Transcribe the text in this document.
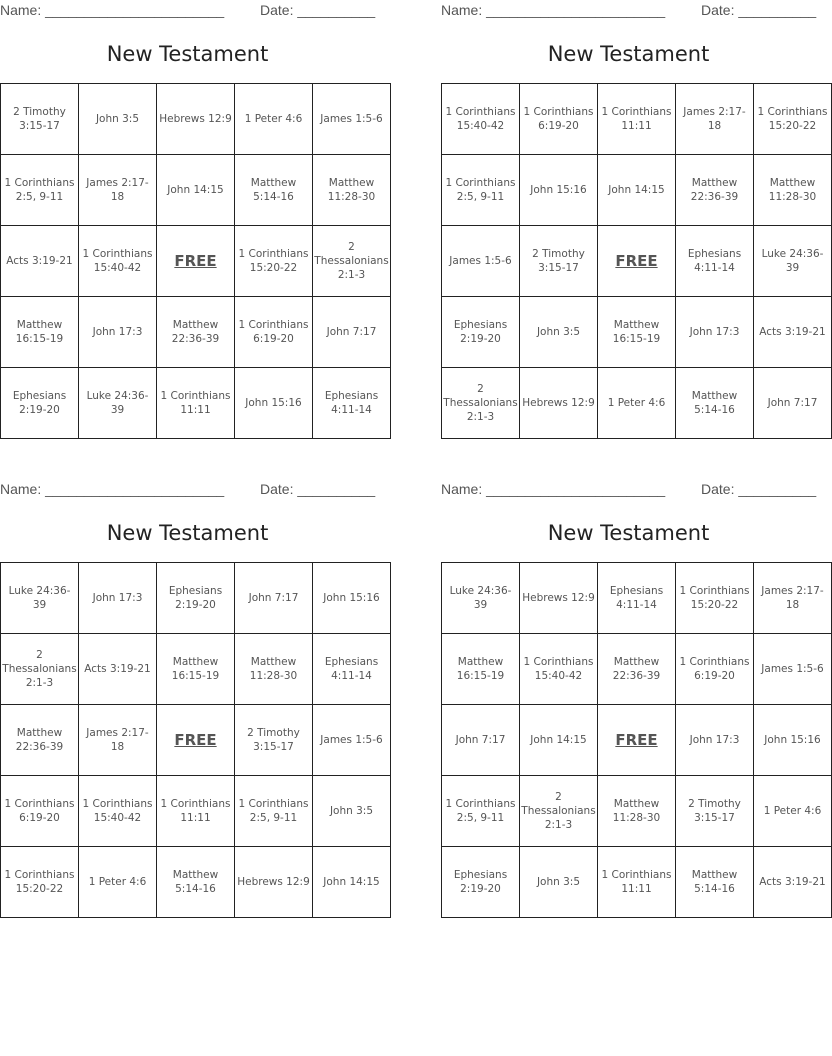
Name: _______________________	Date: __________
New Testament
2 Timothy 3:15-17	John 3:5	Hebrews 12:9	1 Peter 4:6	James 1:5-6
1 Corinthians 2:5, 9-11	James 2:17-18	John 14:15	Matthew 5:14-16	Matthew 11:28-30
Acts 3:19-21	1 Corinthians 15:40-42	FREE	1 Corinthians 15:20-22	2 Thessalonians 2:1-3
Matthew 16:15-19	John 17:3	Matthew 22:36-39	1 Corinthians 6:19-20	John 7:17
Ephesians 2:19-20	Luke 24:36-39	1 Corinthians 11:11	John 15:16	Ephesians 4:11-14
Name: _______________________	Date: __________
New Testament
1 Corinthians 15:40-42	1 Corinthians 6:19-20	1 Corinthians 11:11	James 2:17-18	1 Corinthians 15:20-22
1 Corinthians 2:5, 9-11	John 15:16	John 14:15	Matthew 22:36-39	Matthew 11:28-30
James 1:5-6	2 Timothy 3:15-17	FREE	Ephesians 4:11-14	Luke 24:36-39
Ephesians 2:19-20	John 3:5	Matthew 16:15-19	John 17:3	Acts 3:19-21
2 Thessalonians 2:1-3	Hebrews 12:9	1 Peter 4:6	Matthew 5:14-16	John 7:17
Name: _______________________	Date: __________
New Testament
Luke 24:36-39	John 17:3	Ephesians 2:19-20	John 7:17	John 15:16
2 Thessalonians 2:1-3	Acts 3:19-21	Matthew 16:15-19	Matthew 11:28-30	Ephesians 4:11-14
Matthew 22:36-39	James 2:17-18	FREE	2 Timothy 3:15-17	James 1:5-6
1 Corinthians 6:19-20	1 Corinthians 15:40-42	1 Corinthians 11:11	1 Corinthians 2:5, 9-11	John 3:5
1 Corinthians 15:20-22	1 Peter 4:6	Matthew 5:14-16	Hebrews 12:9	John 14:15
Name: _______________________	Date: __________
New Testament
Luke 24:36-39	Hebrews 12:9	Ephesians 4:11-14	1 Corinthians 15:20-22	James 2:17-18
Matthew 16:15-19	1 Corinthians 15:40-42	Matthew 22:36-39	1 Corinthians 6:19-20	James 1:5-6
John 7:17	John 14:15	FREE	John 17:3	John 15:16
1 Corinthians 2:5, 9-11	2 Thessalonians 2:1-3	Matthew 11:28-30	2 Timothy 3:15-17	1 Peter 4:6
Ephesians 2:19-20	John 3:5	1 Corinthians 11:11	Matthew 5:14-16	Acts 3:19-21
